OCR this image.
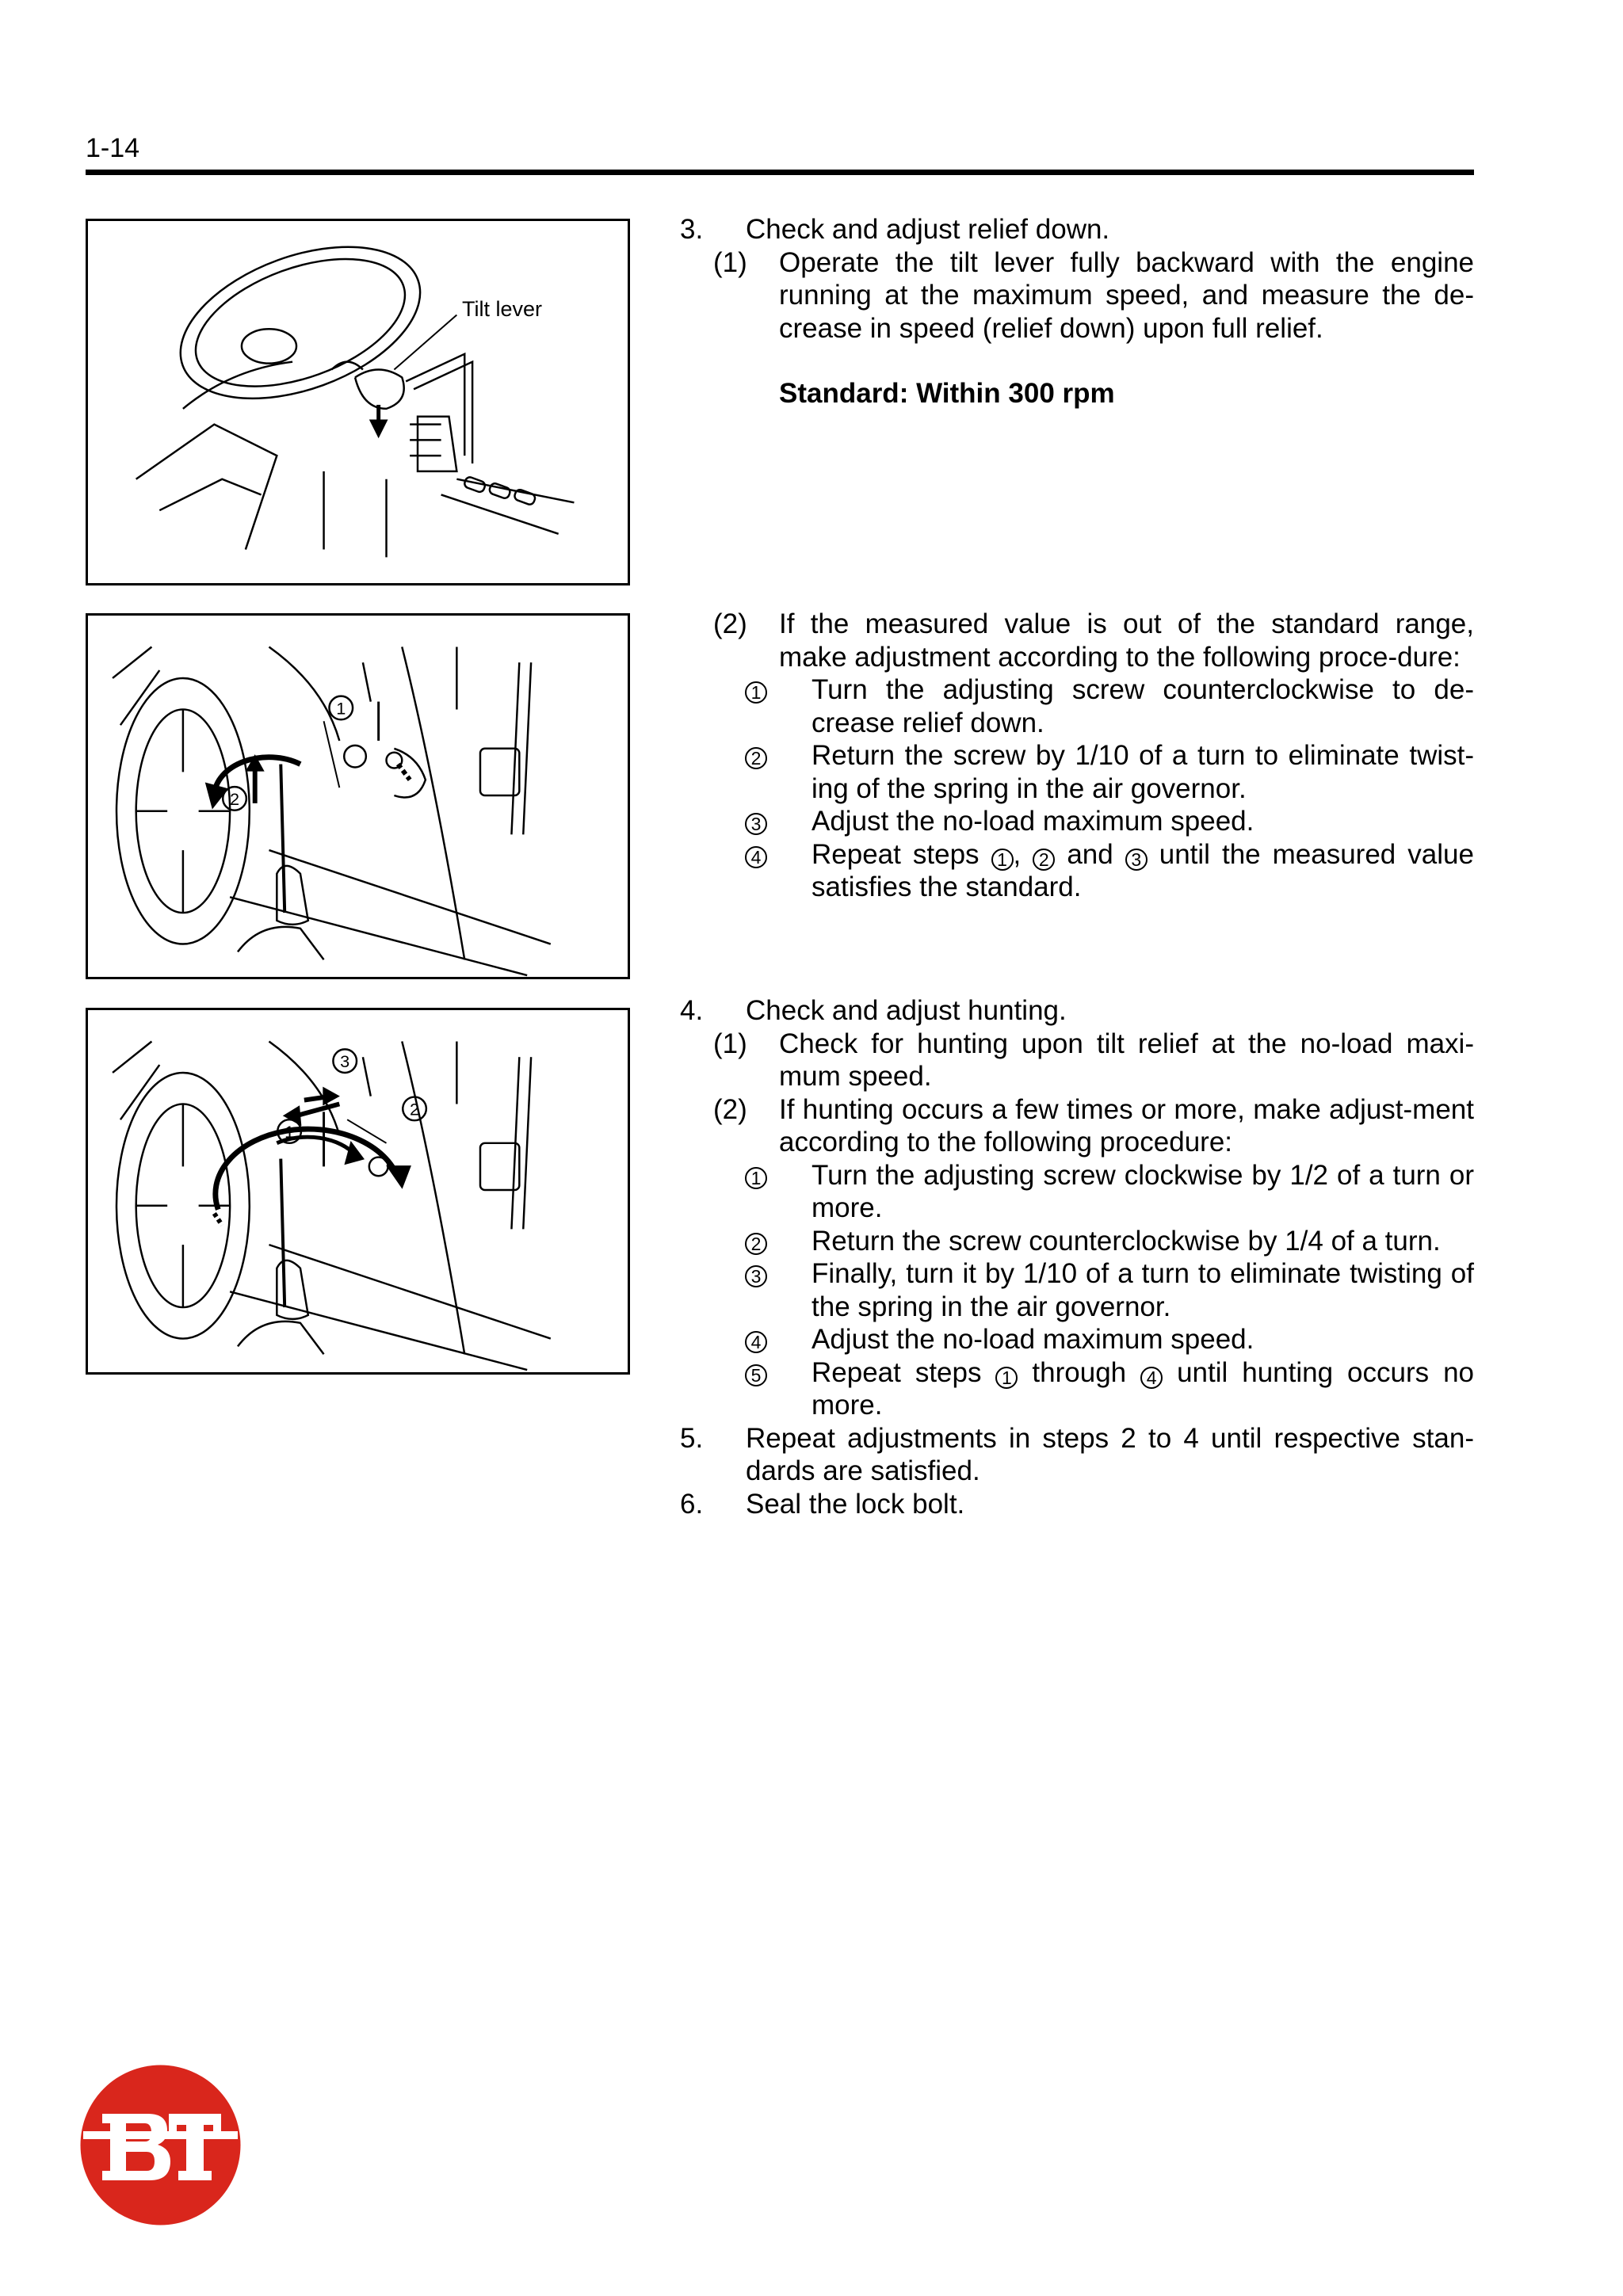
1-14
Tilt lever
1
2
3
2
1
3. Check and adjust relief down.
(1) Operate the tilt lever fully backward with the engine running at the maximum speed, and measure the de-crease in speed (relief down) upon full relief.
Standard: Within 300 rpm
(2) If the measured value is out of the standard range, make adjustment according to the following proce-dure:
1 Turn the adjusting screw counterclockwise to de-crease relief down.
2 Return the screw by 1/10 of a turn to eliminate twist-ing of the spring in the air governor.
3 Adjust the no-load maximum speed.
4 Repeat steps 1 , 2 and 3 until the measured value satisfies the standard.
4. Check and adjust hunting.
(1) Check for hunting upon tilt relief at the no-load maxi-mum speed.
(2) If hunting occurs a few times or more, make adjust-ment according to the following procedure:
1 Turn the adjusting screw clockwise by 1/2 of a turn or more.
2 Return the screw counterclockwise by 1/4 of a turn.
3 Finally, turn it by 1/10 of a turn to eliminate twisting of the spring in the air governor.
4 Adjust the no-load maximum speed.
5 Repeat steps 1 through 4 until hunting occurs no more.
5. Repeat adjustments in steps 2 to 4 until respective stan-dards are satisfied.
6. Seal the lock bolt.
